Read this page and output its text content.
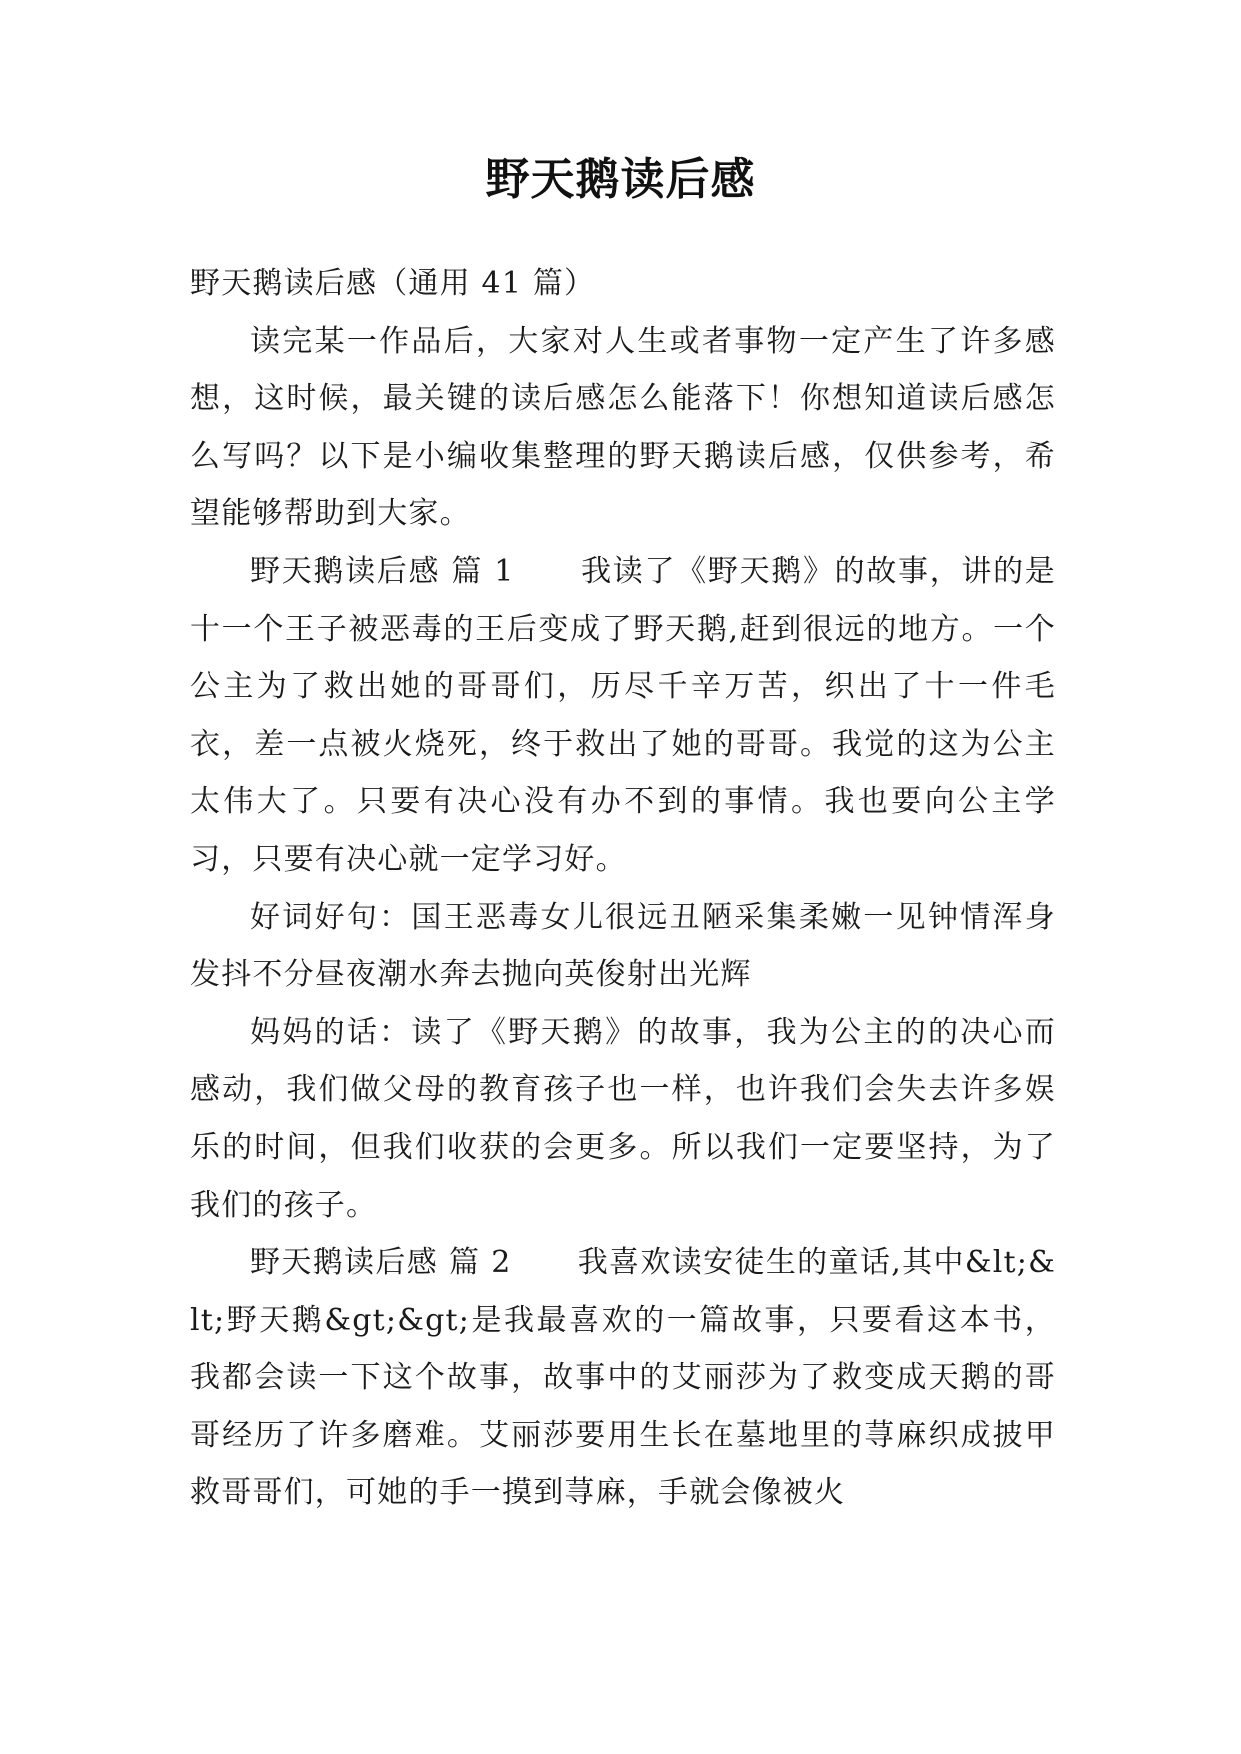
野天鹅读后感

野天鹅读后感（通用 41 篇）

读完某一作品后，大家对人生或者事物一定产生了许多感想，这时候，最关键的读后感怎么能落下！你想知道读后感怎么写吗？以下是小编收集整理的野天鹅读后感，仅供参考，希望能够帮助到大家。

野天鹅读后感 篇 1 我读了《野天鹅》的故事，讲的是十一个王子被恶毒的王后变成了野天鹅,赶到很远的地方。一个公主为了救出她的哥哥们，历尽千辛万苦，织出了十一件毛衣，差一点被火烧死，终于救出了她的哥哥。我觉的这为公主太伟大了。只要有决心没有办不到的事情。我也要向公主学习，只要有决心就一定学习好。

好词好句：国王恶毒女儿很远丑陋采集柔嫩一见钟情浑身发抖不分昼夜潮水奔去抛向英俊射出光辉

妈妈的话：读了《野天鹅》的故事，我为公主的的决心而感动，我们做父母的教育孩子也一样，也许我们会失去许多娱乐的时间，但我们收获的会更多。所以我们一定要坚持，为了我们的孩子。

野天鹅读后感 篇 2 我喜欢读安徒生的童话,其中&lt;&lt;野天鹅&gt;&gt;是我最喜欢的一篇故事，只要看这本书，我都会读一下这个故事，故事中的艾丽莎为了救变成天鹅的哥哥经历了许多磨难。艾丽莎要用生长在墓地里的荨麻织成披甲救哥哥们，可她的手一摸到荨麻，手就会像被火
